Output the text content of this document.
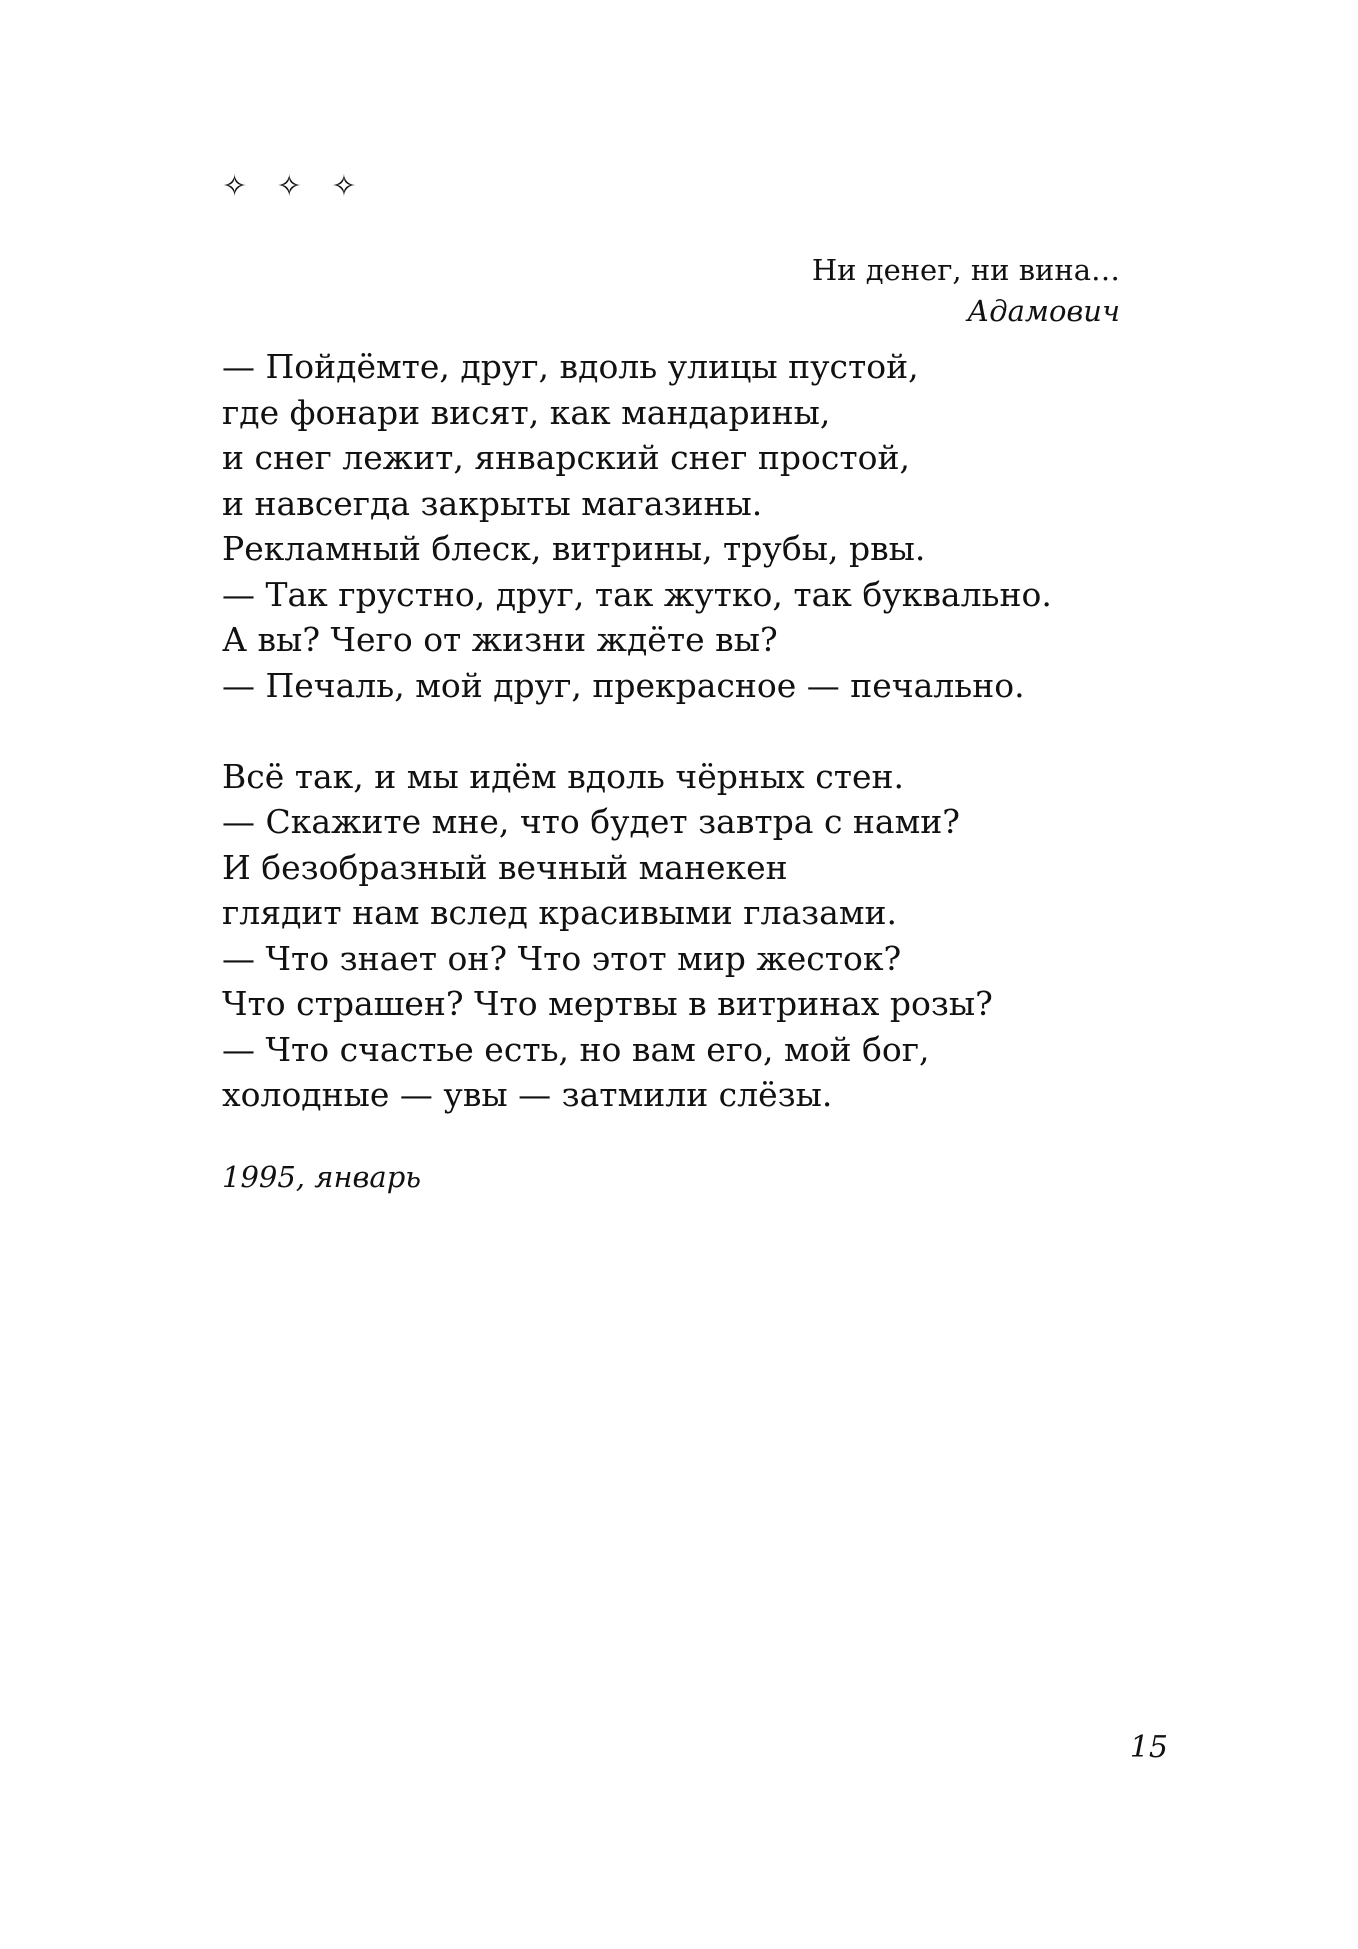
✧ ✧ ✧
Ни денег, ни вина…
Адамович
— Пойдёмте, друг, вдоль улицы пустой,
где фонари висят, как мандарины,
и снег лежит, январский снег простой,
и навсегда закрыты магазины.
Рекламный блеск, витрины, трубы, рвы.
— Так грустно, друг, так жутко, так буквально.
А вы? Чего от жизни ждёте вы?
— Печаль, мой друг, прекрасное — печально.
Всё так, и мы идём вдоль чёрных стен.
— Скажите мне, что будет завтра с нами?
И безобразный вечный манекен
глядит нам вслед красивыми глазами.
— Что знает он? Что этот мир жесток?
Что страшен? Что мертвы в витринах розы?
— Что счастье есть, но вам его, мой бог,
холодные — увы — затмили слёзы.
1995, январь
15
